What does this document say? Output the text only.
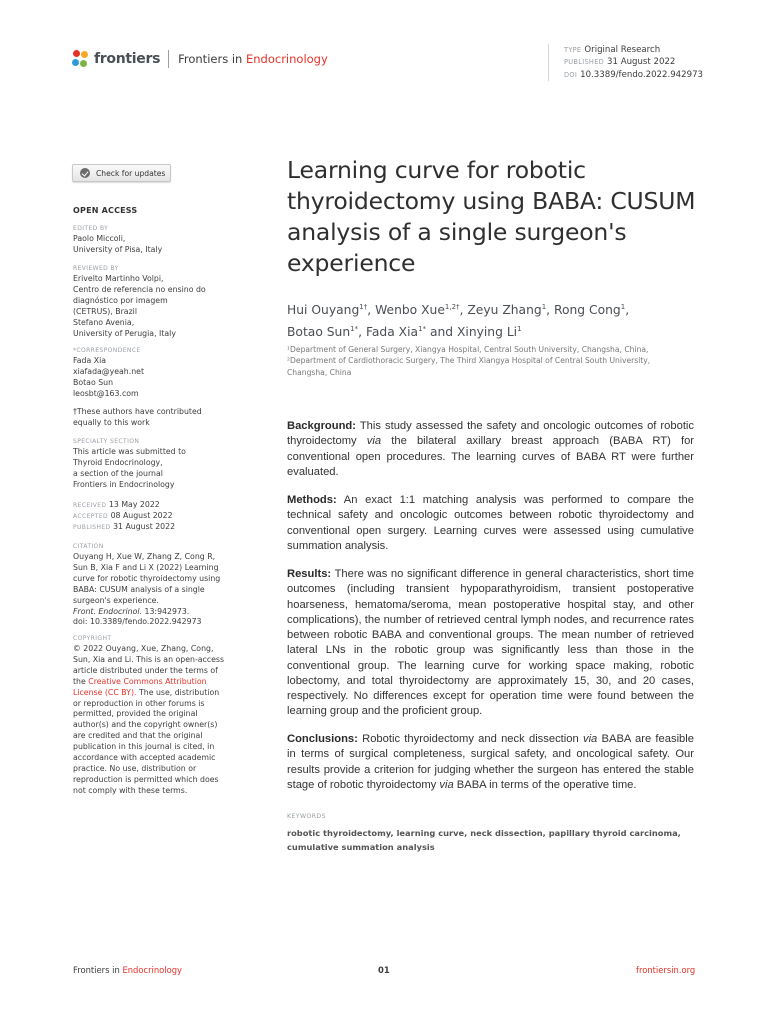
frontiers Frontiers in Endocrinology
TYPE Original Research
PUBLISHED 31 August 2022
DOI 10.3389/fendo.2022.942973
Check for updates
OPEN ACCESS
EDITED BY
Paolo Miccoli,
University of Pisa, Italy
REVIEWED BY
Erivelto Martinho Volpi,
Centro de referencia no ensino do
diagnóstico por imagem
(CETRUS), Brazil
Stefano Avenia,
University of Perugia, Italy
*CORRESPONDENCE
Fada Xia
xiafada@yeah.net
Botao Sun
leosbt@163.com
†These authors have contributed
equally to this work
SPECIALTY SECTION
This article was submitted to
Thyroid Endocrinology,
a section of the journal
Frontiers in Endocrinology
RECEIVED 13 May 2022
ACCEPTED 08 August 2022
PUBLISHED 31 August 2022
CITATION
Ouyang H, Xue W, Zhang Z, Cong R,
Sun B, Xia F and Li X (2022) Learning
curve for robotic thyroidectomy using
BABA: CUSUM analysis of a single
surgeon's experience.
Front. Endocrinol. 13:942973.
doi: 10.3389/fendo.2022.942973
COPYRIGHT
© 2022 Ouyang, Xue, Zhang, Cong,
Sun, Xia and Li. This is an open-access
article distributed under the terms of
the Creative Commons Attribution
License (CC BY). The use, distribution
or reproduction in other forums is
permitted, provided the original
author(s) and the copyright owner(s)
are credited and that the original
publication in this journal is cited, in
accordance with accepted academic
practice. No use, distribution or
reproduction is permitted which does
not comply with these terms.
Learning curve for robotic thyroidectomy using BABA: CUSUM analysis of a single surgeon's experience
Hui Ouyang$^{1\dagger}$, Wenbo Xue$^{1,2\dagger}$, Zeyu Zhang$^1$, Rong Cong$^1$,
Botao Sun$^{1*}$, Fada Xia$^{1*}$ and Xinying Li$^1$
¹Department of General Surgery, Xiangya Hospital, Central South University, Changsha, China,
²Department of Cardiothoracic Surgery, The Third Xiangya Hospital of Central South University,
Changsha, China
Background: This study assessed the safety and oncologic outcomes of robotic thyroidectomy via the bilateral axillary breast approach (BABA RT) for conventional open procedures. The learning curves of BABA RT were further evaluated.
Methods: An exact 1:1 matching analysis was performed to compare the technical safety and oncologic outcomes between robotic thyroidectomy and conventional open surgery. Learning curves were assessed using cumulative summation analysis.
Results: There was no significant difference in general characteristics, short time outcomes (including transient hypoparathyroidism, transient postoperative hoarseness, hematoma/seroma, mean postoperative hospital stay, and other complications), the number of retrieved central lymph nodes, and recurrence rates between robotic BABA and conventional groups. The mean number of retrieved lateral LNs in the robotic group was significantly less than those in the conventional group. The learning curve for working space making, robotic lobectomy, and total thyroidectomy are approximately 15, 30, and 20 cases, respectively. No differences except for operation time were found between the learning group and the proficient group.
Conclusions: Robotic thyroidectomy and neck dissection via BABA are feasible in terms of surgical completeness, surgical safety, and oncological safety. Our results provide a criterion for judging whether the surgeon has entered the stable stage of robotic thyroidectomy via BABA in terms of the operative time.
KEYWORDS
robotic thyroidectomy, learning curve, neck dissection, papillary thyroid carcinoma, cumulative summation analysis
Frontiers in Endocrinology	01	frontiersin.org
